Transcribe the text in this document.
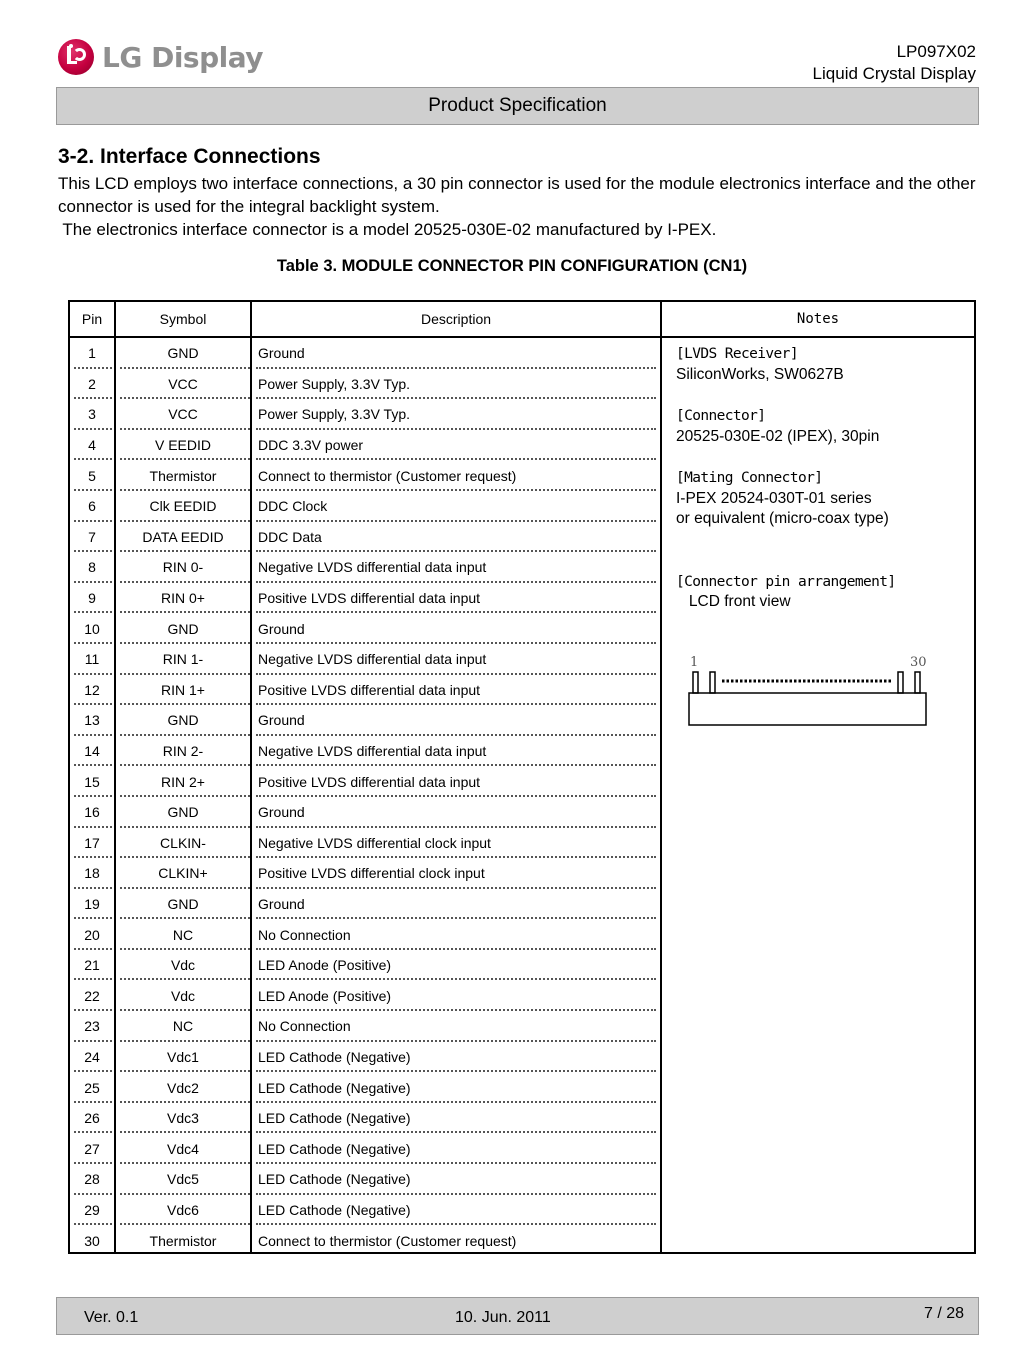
LG Display	LP097X02
Liquid Crystal Display
Product Specification
3-2. Interface Connections

This LCD employs two interface connections, a 30 pin connector is used for the module electronics interface and the other connector is used for the integral backlight system.

The electronics interface connector is a model 20525-030E-02 manufactured by I-PEX.

Table 3. MODULE CONNECTOR PIN CONFIGURATION (CN1)
Pin	Symbol	Description	Notes
1	GND	Ground
2	VCC	Power Supply, 3.3V Typ.
3	VCC	Power Supply, 3.3V Typ.
4	V EEDID	DDC 3.3V power
5	Thermistor	Connect to thermistor (Customer request)
6	Clk EEDID	DDC Clock
7	DATA EEDID	DDC Data
8	RIN 0-	Negative LVDS differential data input
9	RIN 0+	Positive LVDS differential data input
10	GND	Ground
11	RIN 1-	Negative LVDS differential data input
12	RIN 1+	Positive LVDS differential data input
13	GND	Ground
14	RIN 2-	Negative LVDS differential data input
15	RIN 2+	Positive LVDS differential data input
16	GND	Ground
17	CLKIN-	Negative LVDS differential clock input
18	CLKIN+	Positive LVDS differential clock input
19	GND	Ground
20	NC	No Connection
21	Vdc	LED Anode (Positive)
22	Vdc	LED Anode (Positive)
23	NC	No Connection
24	Vdc1	LED Cathode (Negative)
25	Vdc2	LED Cathode (Negative)
26	Vdc3	LED Cathode (Negative)
27	Vdc4	LED Cathode (Negative)
28	Vdc5	LED Cathode (Negative)
29	Vdc6	LED Cathode (Negative)
30	Thermistor	Connect to thermistor (Customer request)
[LVDS Receiver]
SiliconWorks, SW0627B
[Connector]
20525-030E-02 (IPEX), 30pin
[Mating Connector]
I-PEX 20524-030T-01 series
or equivalent (micro-coax type)
[Connector pin arrangement]
LCD front view
1	30
Ver. 0.1	10. Jun. 2011	7 / 28
